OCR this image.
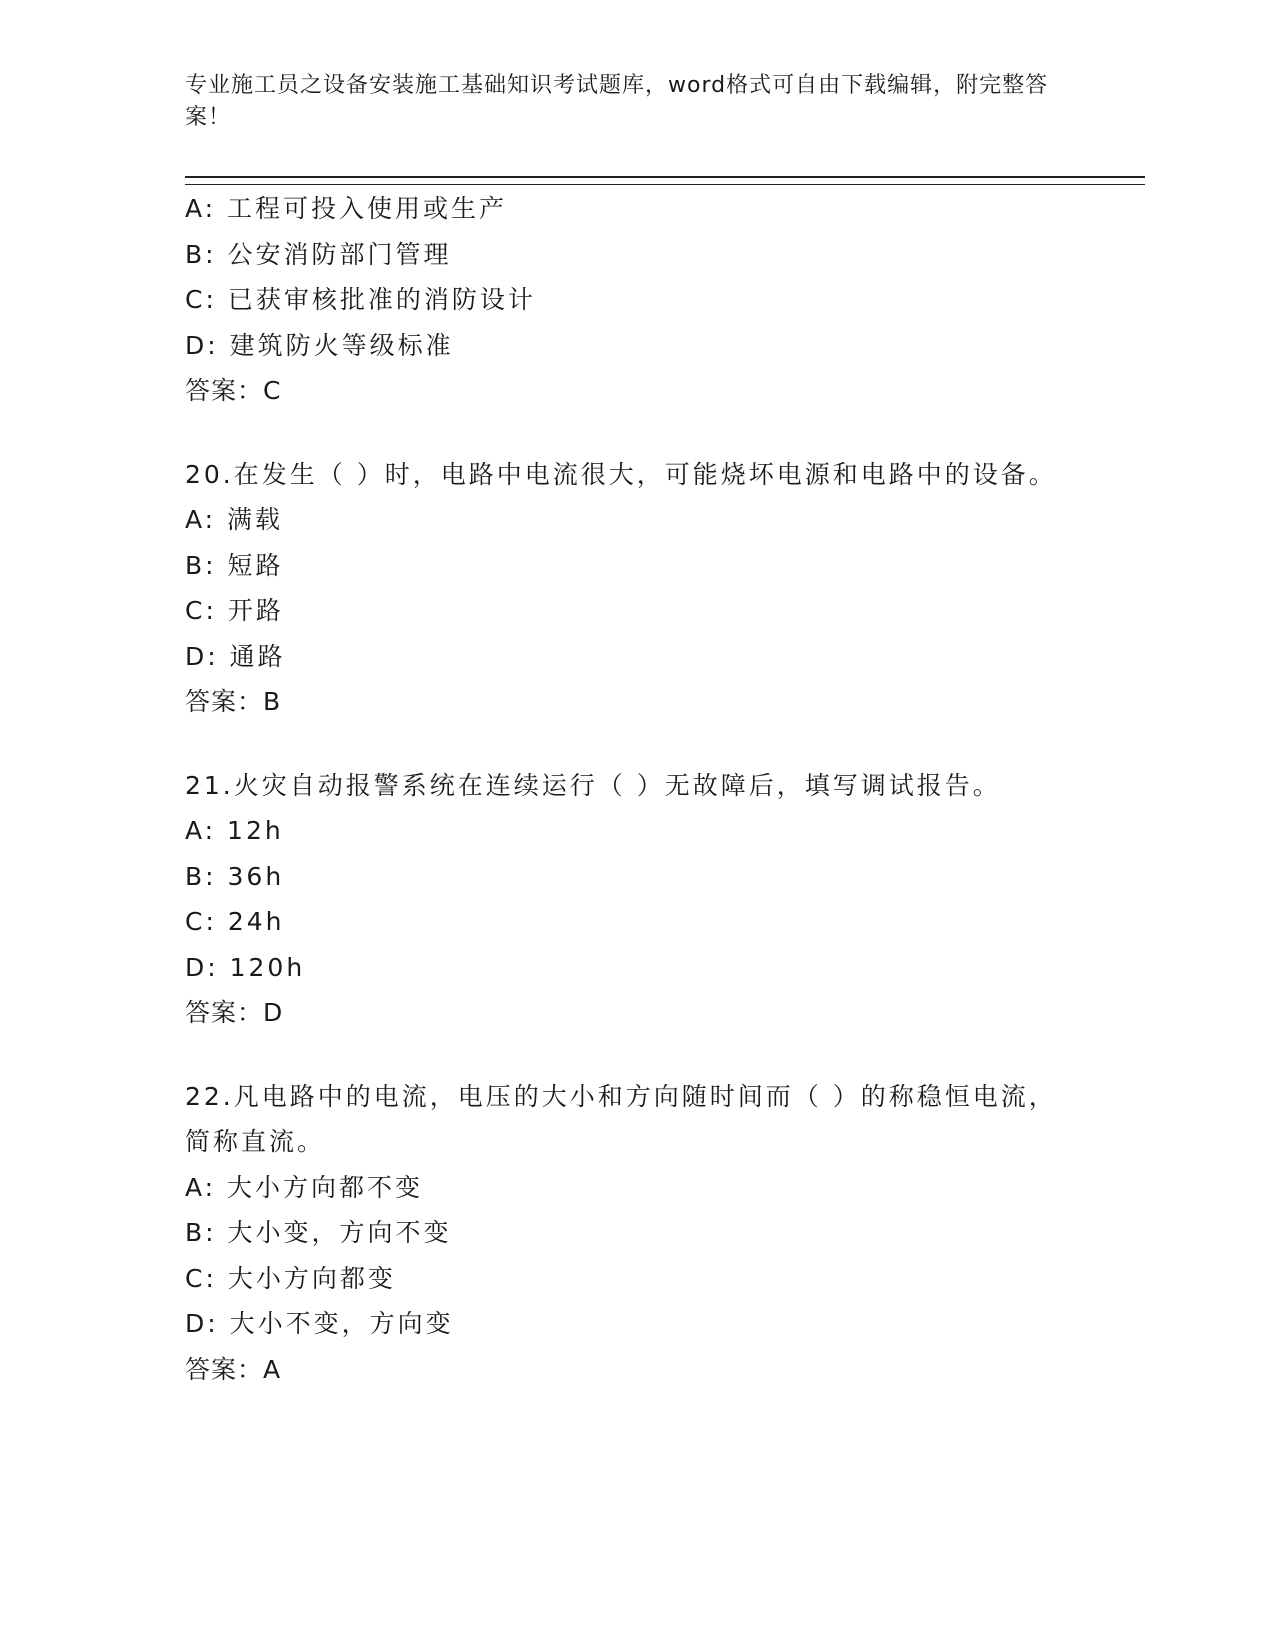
专业施工员之设备安装施工基础知识考试题库，word格式可自由下载编辑，附完整答案！
A: 工程可投入使用或生产
B: 公安消防部门管理
C: 已获审核批准的消防设计
D: 建筑防火等级标准
答案：C
20.在发生（ ）时，电路中电流很大，可能烧坏电源和电路中的设备。
A: 满载
B: 短路
C: 开路
D: 通路
答案：B
21.火灾自动报警系统在连续运行（ ）无故障后，填写调试报告。
A: 12h
B: 36h
C: 24h
D: 120h
答案：D
22.凡电路中的电流，电压的大小和方向随时间而（ ）的称稳恒电流，简称直流。
A: 大小方向都不变
B: 大小变，方向不变
C: 大小方向都变
D: 大小不变，方向变
答案：A
